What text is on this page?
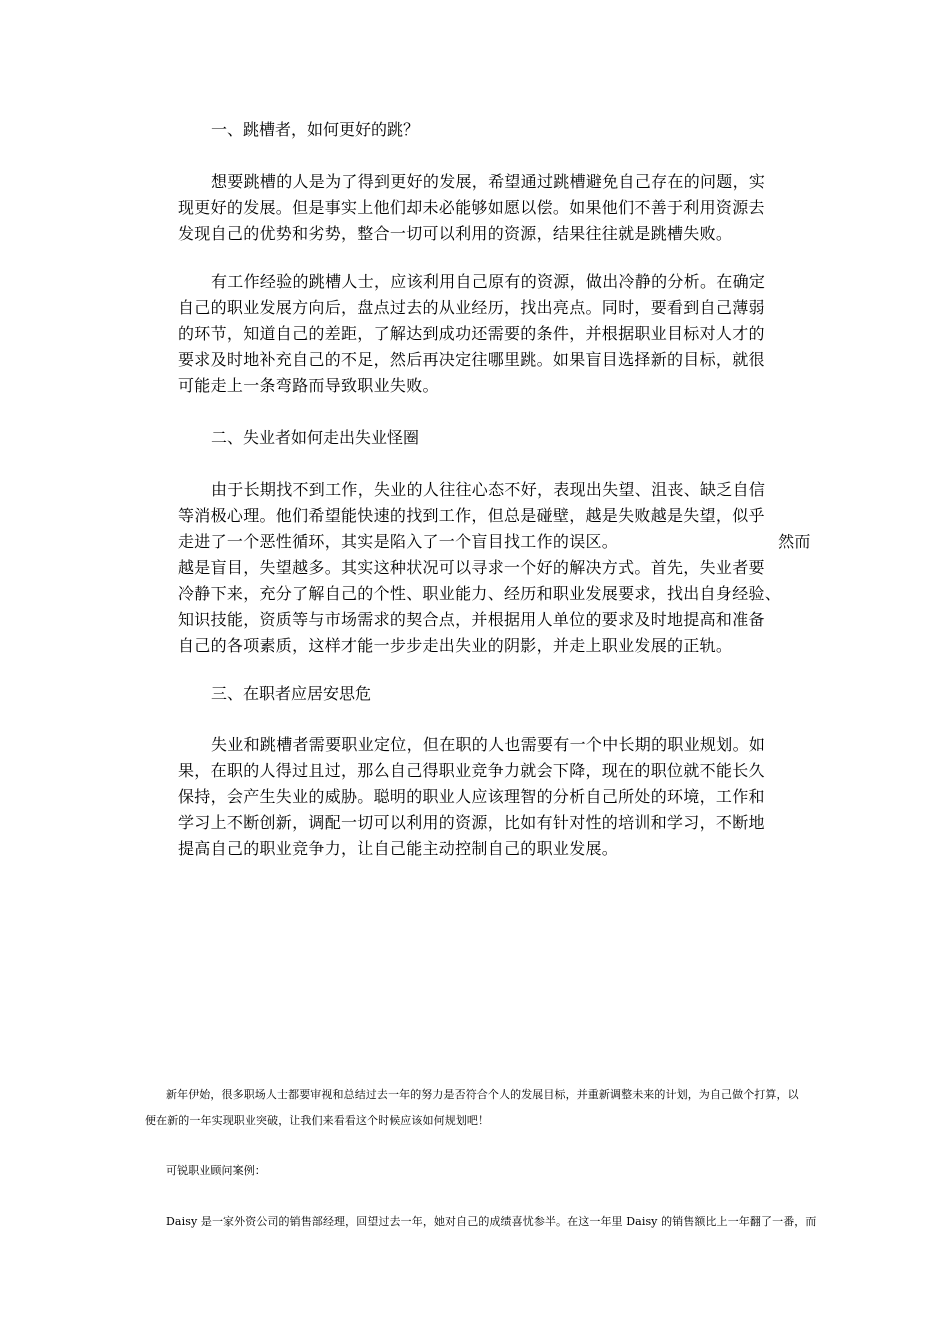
一、跳槽者，如何更好的跳？
想要跳槽的人是为了得到更好的发展，希望通过跳槽避免自己存在的问题，实现更好的发展。但是事实上他们却未必能够如愿以偿。如果他们不善于利用资源去发现自己的优势和劣势，整合一切可以利用的资源，结果往往就是跳槽失败。
有工作经验的跳槽人士，应该利用自己原有的资源，做出冷静的分析。在确定自己的职业发展方向后，盘点过去的从业经历，找出亮点。同时，要看到自己薄弱的环节，知道自己的差距，了解达到成功还需要的条件，并根据职业目标对人才的要求及时地补充自己的不足，然后再决定往哪里跳。如果盲目选择新的目标，就很可能走上一条弯路而导致职业失败。
二、失业者如何走出失业怪圈
由于长期找不到工作，失业的人往往心态不好，表现出失望、沮丧、缺乏自信
等消极心理。他们希望能快速的找到工作，但总是碰壁，越是失败越是失望，似乎
走进了一个恶性循环，其实是陷入了一个盲目找工作的误区。	然而
越是盲目，失望越多。其实这种状况可以寻求一个好的解决方式。首先，失业者要
冷静下来，充分了解自己的个性、职业能力、经历和职业发展要求，找出自身经验、
知识技能，资质等与市场需求的契合点，并根据用人单位的要求及时地提高和准备
自己的各项素质，这样才能一步步走出失业的阴影，并走上职业发展的正轨。
三、在职者应居安思危
失业和跳槽者需要职业定位，但在职的人也需要有一个中长期的职业规划。如果，在职的人得过且过，那么自己得职业竞争力就会下降，现在的职位就不能长久保持，会产生失业的威胁。聪明的职业人应该理智的分析自己所处的环境，工作和学习上不断创新，调配一切可以利用的资源，比如有针对性的培训和学习，不断地提高自己的职业竞争力，让自己能主动控制自己的职业发展。
新年伊始，很多职场人士都要审视和总结过去一年的努力是否符合个人的发展目标，并重新调整未来的计划，为自己做个打算，以
便在新的一年实现职业突破，让我们来看看这个时候应该如何规划吧！
可锐职业顾问案例：
Daisy 是一家外资公司的销售部经理，回望过去一年，她对自己的成绩喜忧参半。在这一年里 Daisy 的销售额比上一年翻了一番，而
